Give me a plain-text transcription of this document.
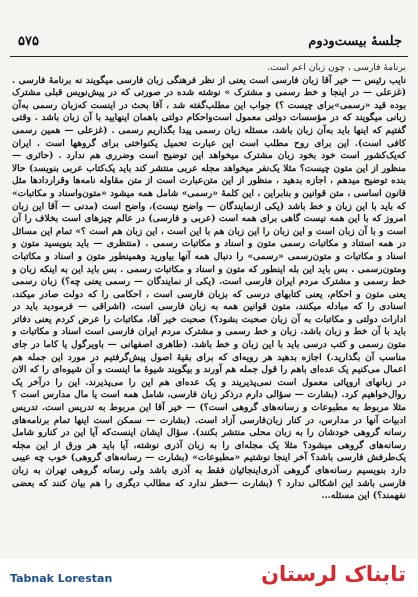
جلسهٔ بیست‌ودوم
۵۷۵

برنامهٔ فارسی ، چون زبان اعم است.

نایب رئیس — خیر آقا زبان فارسی است یعنی از نظر فرهنگی زبان فارسی میگویند نه برنامهٔ فارسی . (غزعلی — در اینجا و خط رسمی و مشترک » نوشته شده در صورتی که در پیش‌نویس قبلی مشترک بوده قید «رسمی»برای چیست ؟) جواب این مطلب‌گفته شد ، آقا بحث در اینست که‌زبان رسمی به‌آن زبانی میگویند که در مؤسسات دولتی معمول است‌واحکام دولتی با‌همان اینهایید با آن زبان باشد . وقتی گفتیم که اینها باید به‌آن زبان باشد، مسئله زبان رسمی پیدا بگذاریم رسمی . (غزعلی — همین رسمی کافی است). این برای روح مطلب است این عبارت تحمیل یکنواختی برای گروهها است . ایران که‌یک‌کشور است خود بخود زبان مشترک میخواهد این توضیح است وضرری هم ندارد . (حائری — منظور از این متون چیست؟ مثلا یک‌نفر میخواهد مجله عربی منتشر کند باید یک‌کتاب عربی بنویسد) حالا بنده توضیح میدهم ، اجازه بدهید ، منظور از این متن‌عبارت است از متن مقاوله نامه‌ها وقراردادها مثل قانون اساسی ، متن قوانین و بنابراین ، این کلمهٔ «رسمی» شامل همه میشود «متون‌واسناد و مکاتبات» که باید با این زبان و خط باشد (یکی ازنمایندگان — واضح نیست)، واضح است (مدنی — آقا این زبان امروز که با این همه نیست گاهی برای همه است (عربی و فارسی) در عالم چیزهای است بخلاف را آن است و با آن زبان است و این زبان را این زبان هم با این است ، این زبان هم است ؟» تمام این مسائل در همه استناد و مکاتبات رسمی متون و اسناد و مکاتبات رسمی . (منتظری — باید بنویسید متون و اسناد و مکاتبات و متون‌رسمی «رسمی» را دنبال همه آنها بیاورید وهمینطور متون و اسناد و مکاتبات ومتون‌رسمی . بس باید این بله اینطور که متون و اسناد و مکاتبات رسمی . بس باید این به اینکه زبان و خط رسمی و مشترک مردم ایران فارسی است. (یکی از نمایندگان — رسمی یعنی چه؟) زبان رسمی یعنی متون و احکام، یعنی کتابهای درسی که بزبان فارسی است ، احکامی را که دولت صادر میکند، اسنادی را که مبادله میکنند، متون قوانین همه به زبان فارسی است. (اشراقی — فرمودید باید در ادارات دولتی و مکاتبات به آن زبان صحبت بشود؟) صحبت خیر آقا، مکاتبات را عرض کردم یعنی دفاتر باید با آن خط و زبان باشد. زبان و خط رسمی و مشترک مردم ایران فارسی است اسناد و مکاتبات و متون رسمی و کتب درسی باید با این زبان و خط باشد. (طاهری اصفهانی — باویرگول یا کاما در جای مناسب آن بگذارید.) اجازه بدهید هر رویه‌ای که برای بقیهٔ اصول پیش‌گرفتیم در مورد این جمله هم اعمال می‌کنیم یک عده‌ای باهم را قول جمله هم آورند و بیگویند شیوهٔ ما اینست و آن شیوه‌ای را که الان در زبانهای اروپائی معمول است نمی‌پذیریند و یک عده‌ای هم این را می‌پذیرند. این را درآخر یک روال‌خواهیم کرد. (بشارت — سؤالی دارم درذکر زبان فارسی، شامل همه است یا مال مدارس است ؟ مثلا مربوط به مطبوعات و رسانه‌های گروهی است؟) — خیر آقا این مربوط به تدریس است. تدریس ادبیات آنها در مدارس، در کنار زبان‌فارسی آزاد است. (بشارت — سمکن است اینها تمام برنامه‌های رسانه گروهی خودشان را به زبان محلی منتشر بکنند). سؤال ایشان اینست‌که آیا این در کنارو شامل رسانه‌های گروهی میشود؟ مثلا یک مجله‌ای را به زبان آذری نوشته، آیا باید هر ورق از این مجله یک‌طرفش فارسی باشد؟ آخر اینجا نوشتیم «مطبوعات» (بشارت — رسانه‌های گروهی) خوب چه عیبی دارد بنویسیم رسانه‌های گروهی آذری‌اینجا‌ئیان فقط به آذری باشد ولی رسانه گروهی تهران به زبان فارسی باشد این اشکالی ندارد ؟ (بشارت —خطر ندارد که مطالب دیگری را هم بیان کنند که بعضی نفهمند؟) این مسئله...

Tabnak Lorestan	تابناک لرستان
